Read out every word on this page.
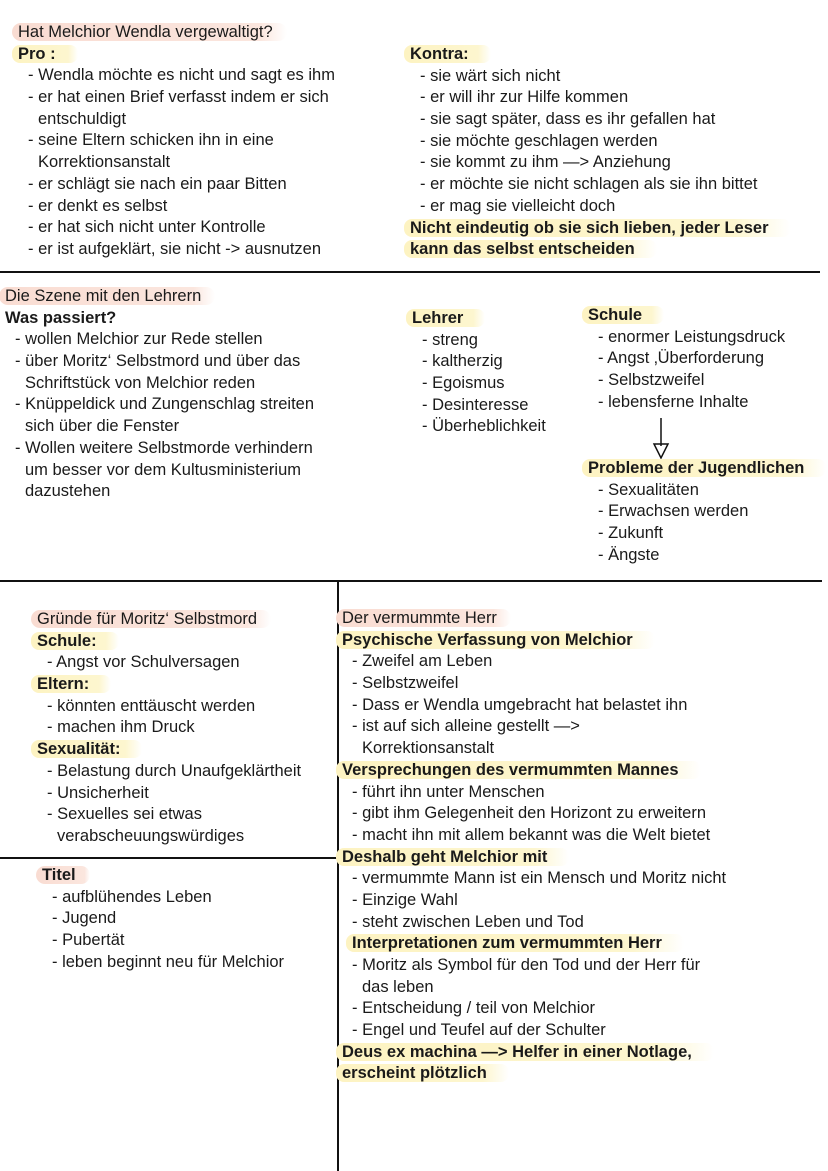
Hat Melchior Wendla vergewaltigt?
Pro :
- Wendla möchte es nicht und sagt es ihm
- er hat einen Brief verfasst indem er sich
entschuldigt
- seine Eltern schicken ihn in eine
Korrektionsanstalt
- er schlägt sie nach ein paar Bitten
- er denkt es selbst
- er hat sich nicht unter Kontrolle
- er ist aufgeklärt, sie nicht -> ausnutzen
Kontra:
- sie wärt sich nicht
- er will ihr zur Hilfe kommen
- sie sagt später, dass es ihr gefallen hat
- sie möchte geschlagen werden
- sie kommt zu ihm —> Anziehung
- er möchte sie nicht schlagen als sie ihn bittet
- er mag sie vielleicht doch
Nicht eindeutig ob sie sich lieben, jeder Leser
kann das selbst entscheiden
Die Szene mit den Lehrern
Was passiert?
- wollen Melchior zur Rede stellen
- über Moritz‘ Selbstmord und über das
Schriftstück von Melchior reden
- Knüppeldick und Zungenschlag streiten
sich über die Fenster
- Wollen weitere Selbstmorde verhindern
um besser vor dem Kultusministerium
dazustehen
Lehrer
- streng
- kaltherzig
- Egoismus
- Desinteresse
- Überheblichkeit
Schule
- enormer Leistungsdruck
- Angst ‚Überforderung
- Selbstzweifel
- lebensferne Inhalte
Probleme der Jugendlichen
- Sexualitäten
- Erwachsen werden
- Zukunft
- Ängste
Gründe für Moritz‘ Selbstmord
Schule:
- Angst vor Schulversagen
Eltern:
- könnten enttäuscht werden
- machen ihm Druck
Sexualität:
- Belastung durch Unaufgeklärtheit
- Unsicherheit
- Sexuelles sei etwas
verabscheuungswürdiges
Titel
- aufblühendes Leben
- Jugend
- Pubertät
- leben beginnt neu für Melchior
Der vermummte Herr
Psychische Verfassung von Melchior
- Zweifel am Leben
- Selbstzweifel
- Dass er Wendla umgebracht hat belastet ihn
- ist auf sich alleine gestellt —>
Korrektionsanstalt
Versprechungen des vermummten Mannes
- führt ihn unter Menschen
- gibt ihm Gelegenheit den Horizont zu erweitern
- macht ihn mit allem bekannt was die Welt bietet
Deshalb geht Melchior mit
- vermummte Mann ist ein Mensch und Moritz nicht
- Einzige Wahl
- steht zwischen Leben und Tod
Interpretationen zum vermummten Herr
- Moritz als Symbol für den Tod und der Herr für
das leben
- Entscheidung / teil von Melchior
- Engel und Teufel auf der Schulter
Deus ex machina —> Helfer in einer Notlage,
erscheint plötzlich
